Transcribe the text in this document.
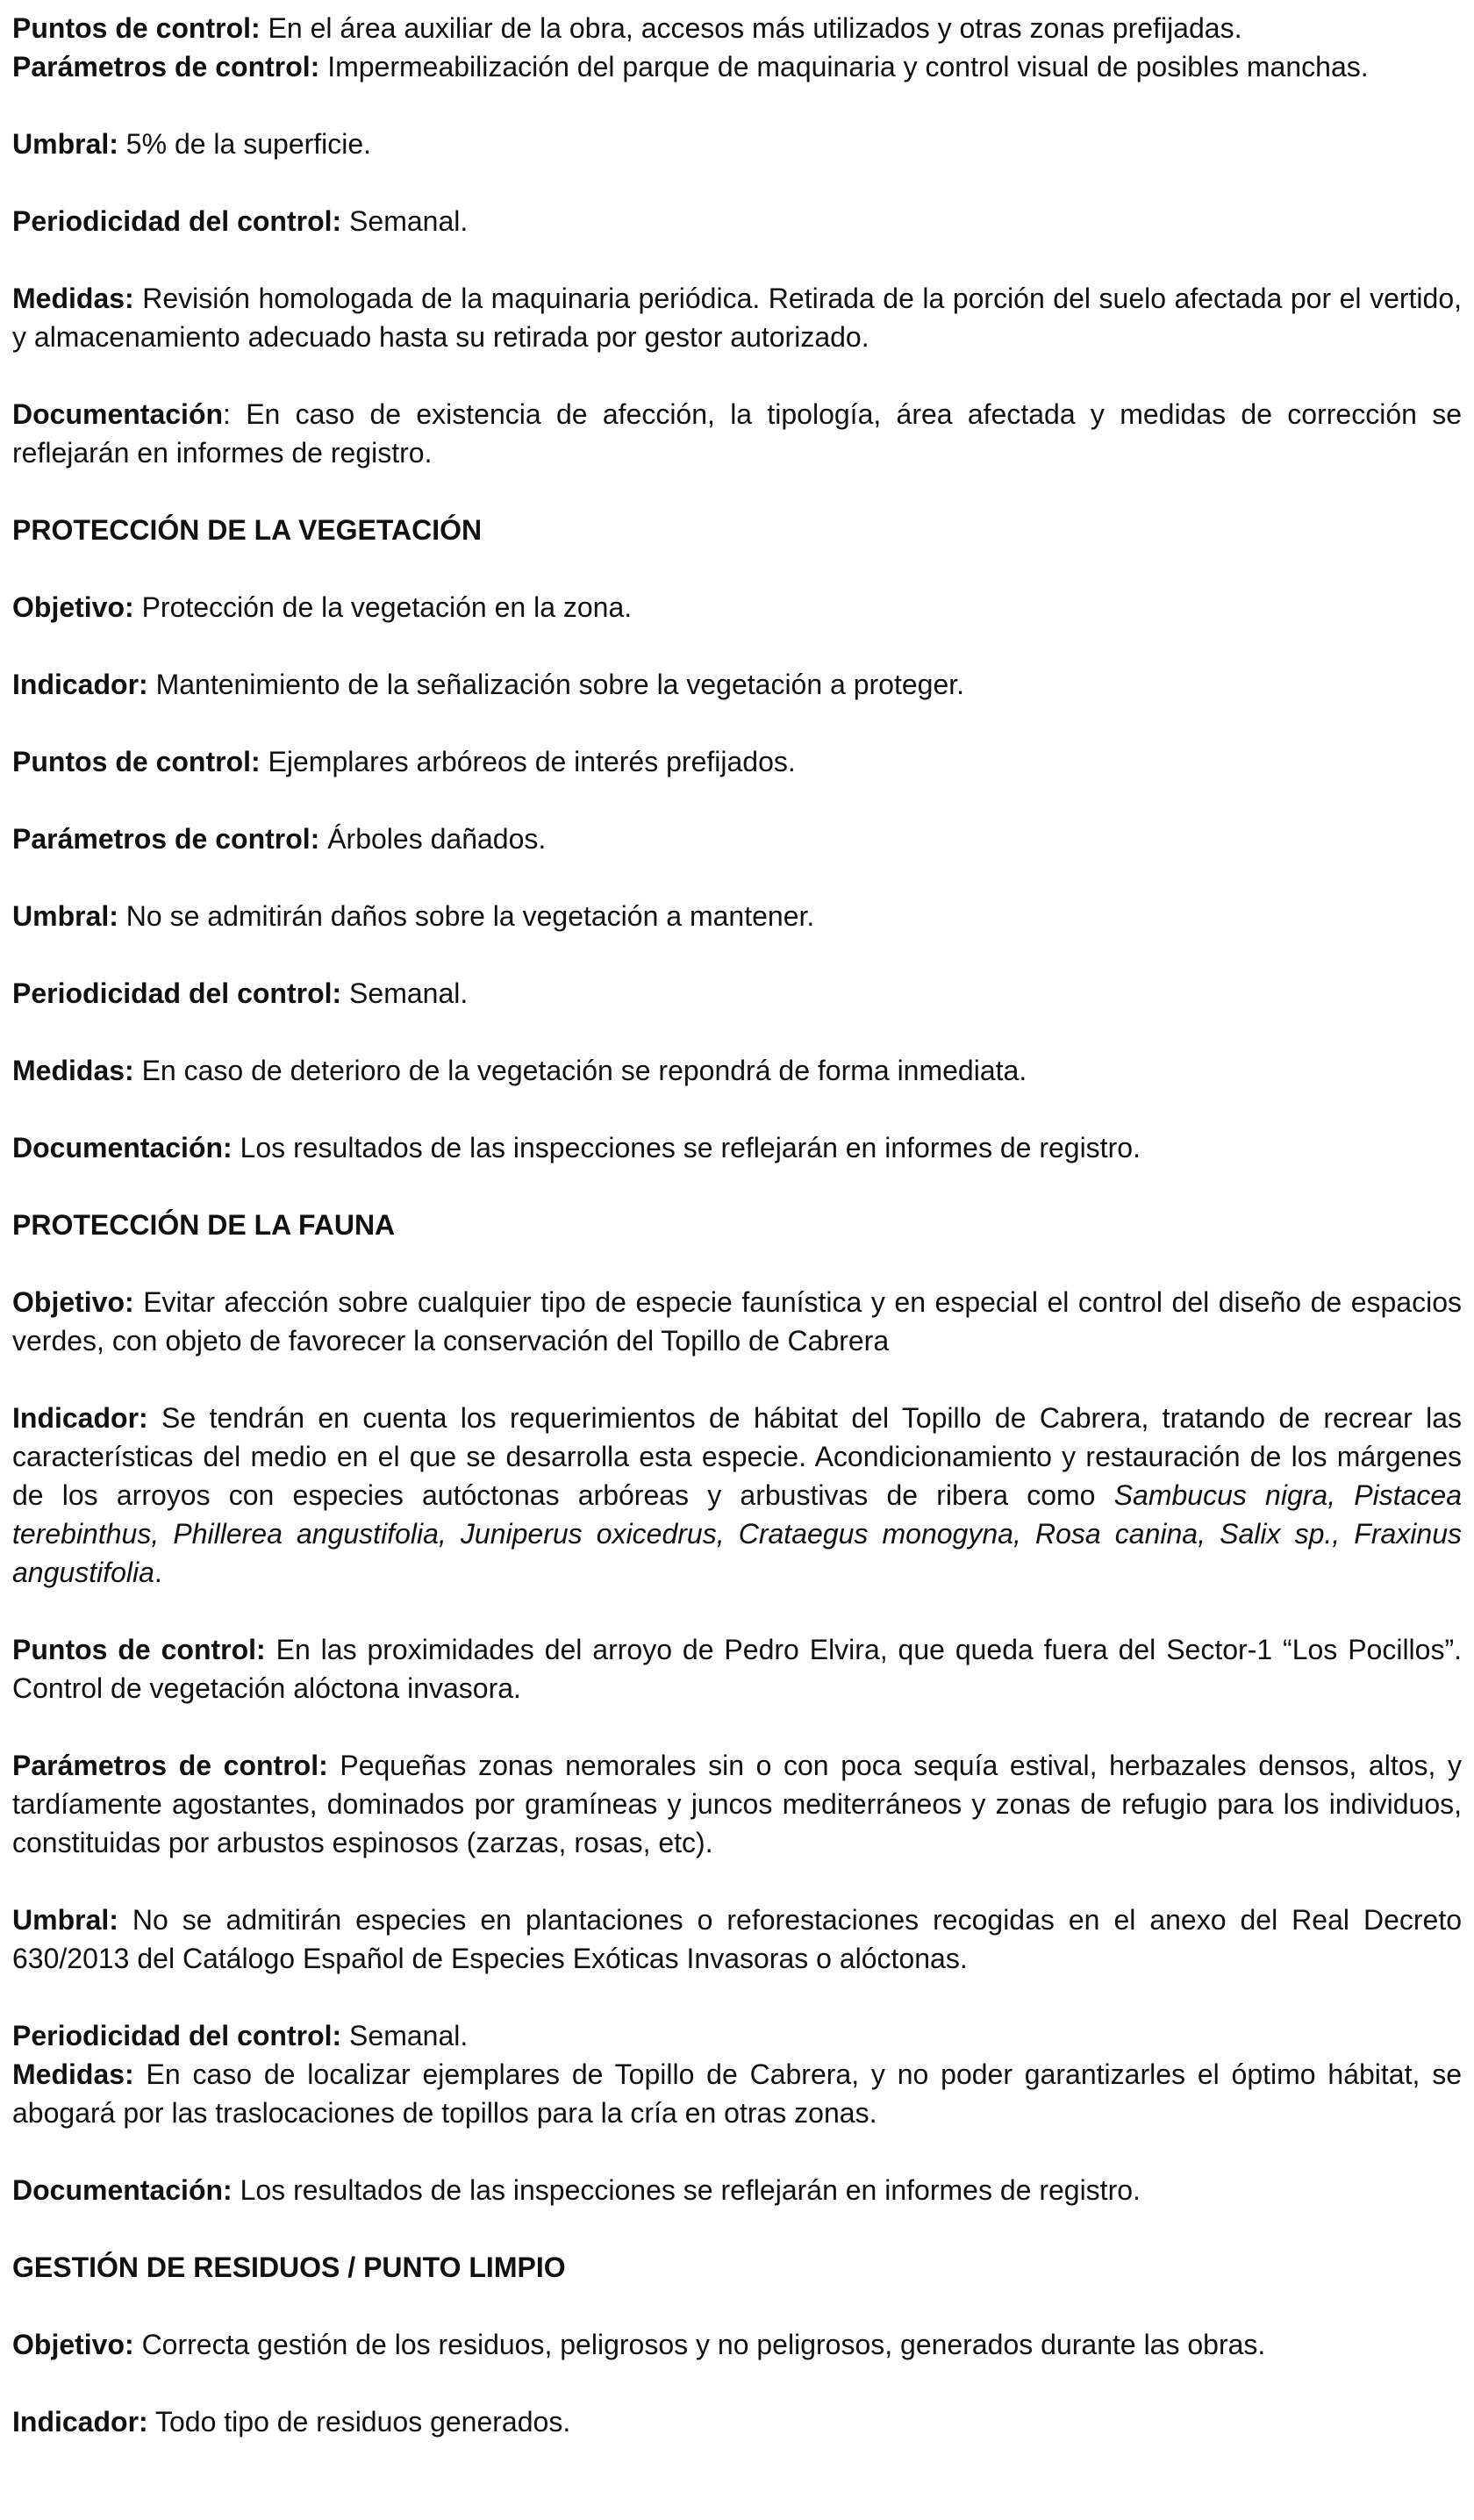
Puntos de control: En el área auxiliar de la obra, accesos más utilizados y otras zonas prefijadas.

Parámetros de control: Impermeabilización del parque de maquinaria y control visual de posibles manchas.

Umbral: 5% de la superficie.

Periodicidad del control: Semanal.

Medidas: Revisión homologada de la maquinaria periódica. Retirada de la porción del suelo afectada por el vertido, y almacenamiento adecuado hasta su retirada por gestor autorizado.

Documentación: En caso de existencia de afección, la tipología, área afectada y medidas de corrección se reflejarán en informes de registro.

PROTECCIÓN DE LA VEGETACIÓN

Objetivo: Protección de la vegetación en la zona.

Indicador: Mantenimiento de la señalización sobre la vegetación a proteger.

Puntos de control: Ejemplares arbóreos de interés prefijados.

Parámetros de control: Árboles dañados.

Umbral: No se admitirán daños sobre la vegetación a mantener.

Periodicidad del control: Semanal.

Medidas: En caso de deterioro de la vegetación se repondrá de forma inmediata.

Documentación: Los resultados de las inspecciones se reflejarán en informes de registro.

PROTECCIÓN DE LA FAUNA

Objetivo: Evitar afección sobre cualquier tipo de especie faunística y en especial el control del diseño de espacios verdes, con objeto de favorecer la conservación del Topillo de Cabrera

Indicador: Se tendrán en cuenta los requerimientos de hábitat del Topillo de Cabrera, tratando de recrear las características del medio en el que se desarrolla esta especie. Acondicionamiento y restauración de los márgenes de los arroyos con especies autóctonas arbóreas y arbustivas de ribera como Sambucus nigra, Pistacea terebinthus, Phillerea angustifolia, Juniperus oxicedrus, Crataegus monogyna, Rosa canina, Salix sp., Fraxinus angustifolia.

Puntos de control: En las proximidades del arroyo de Pedro Elvira, que queda fuera del Sector-1 “Los Pocillos”. Control de vegetación alóctona invasora.

Parámetros de control: Pequeñas zonas nemorales sin o con poca sequía estival, herbazales densos, altos, y tardíamente agostantes, dominados por gramíneas y juncos mediterráneos y zonas de refugio para los individuos, constituidas por arbustos espinosos (zarzas, rosas, etc).

Umbral: No se admitirán especies en plantaciones o reforestaciones recogidas en el anexo del Real Decreto 630/2013 del Catálogo Español de Especies Exóticas Invasoras o alóctonas.

Periodicidad del control: Semanal.

Medidas: En caso de localizar ejemplares de Topillo de Cabrera, y no poder garantizarles el óptimo hábitat, se abogará por las traslocaciones de topillos para la cría en otras zonas.

Documentación: Los resultados de las inspecciones se reflejarán en informes de registro.

GESTIÓN DE RESIDUOS / PUNTO LIMPIO

Objetivo: Correcta gestión de los residuos, peligrosos y no peligrosos, generados durante las obras.

Indicador: Todo tipo de residuos generados.
